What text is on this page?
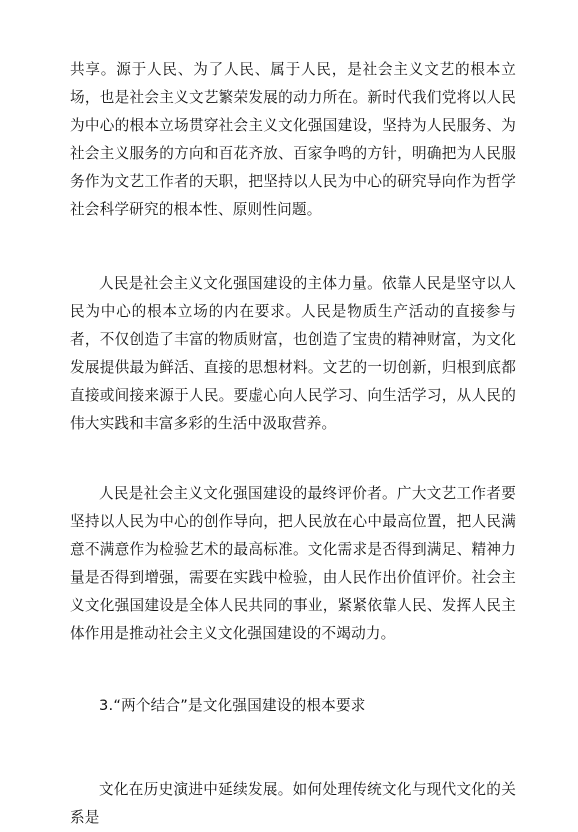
共享。源于人民、为了人民、属于人民，是社会主义文艺的根本立场，也是社会主义文艺繁荣发展的动力所在。新时代我们党将以人民为中心的根本立场贯穿社会主义文化强国建设，坚持为人民服务、为社会主义服务的方向和百花齐放、百家争鸣的方针，明确把为人民服务作为文艺工作者的天职，把坚持以人民为中心的研究导向作为哲学社会科学研究的根本性、原则性问题。

人民是社会主义文化强国建设的主体力量。依靠人民是坚守以人民为中心的根本立场的内在要求。人民是物质生产活动的直接参与者，不仅创造了丰富的物质财富，也创造了宝贵的精神财富，为文化发展提供最为鲜活、直接的思想材料。文艺的一切创新，归根到底都直接或间接来源于人民。要虚心向人民学习、向生活学习，从人民的伟大实践和丰富多彩的生活中汲取营养。

人民是社会主义文化强国建设的最终评价者。广大文艺工作者要坚持以人民为中心的创作导向，把人民放在心中最高位置，把人民满意不满意作为检验艺术的最高标准。文化需求是否得到满足、精神力量是否得到增强，需要在实践中检验，由人民作出价值评价。社会主义文化强国建设是全体人民共同的事业，紧紧依靠人民、发挥人民主体作用是推动社会主义文化强国建设的不竭动力。

3.“两个结合”是文化强国建设的根本要求

文化在历史演进中延续发展。如何处理传统文化与现代文化的关系是
